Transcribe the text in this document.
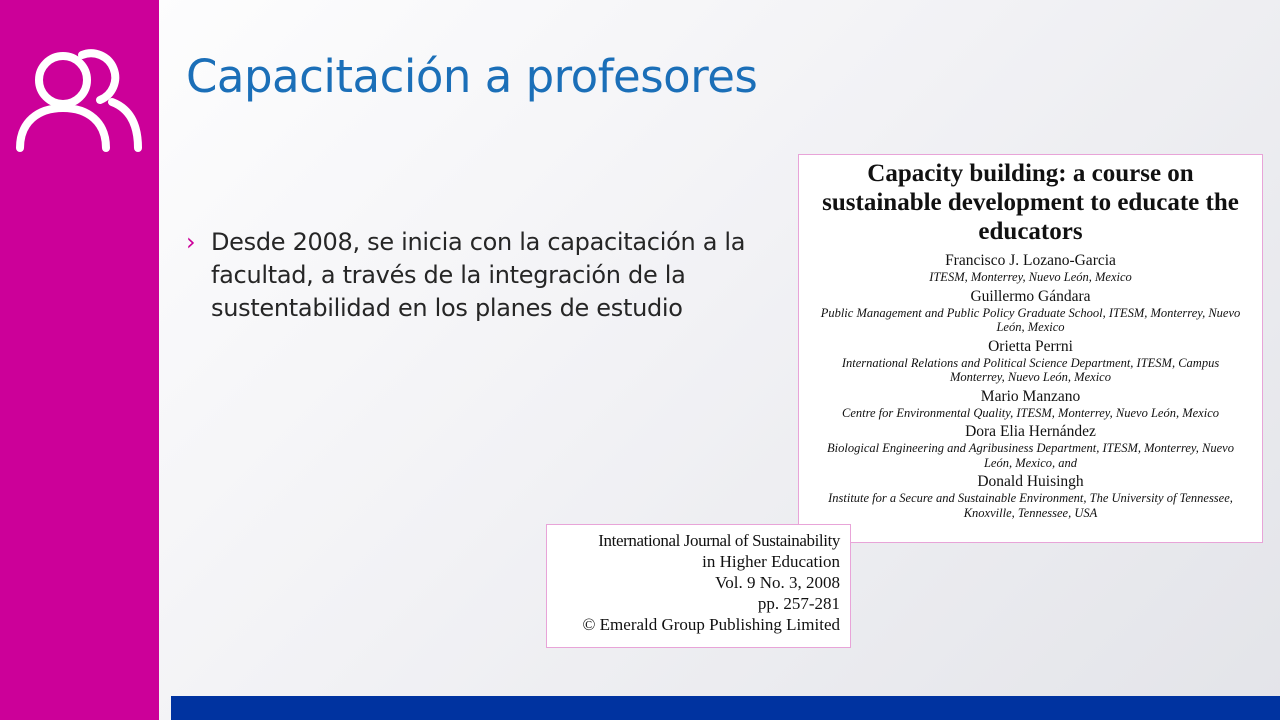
Capacitación a profesores
› Desde 2008, se inicia con la capacitación a la facultad, a través de la integración de la sustentabilidad en los planes de estudio
Capacity building: a course on sustainable development to educate the educators
Francisco J. Lozano-Garcia
ITESM, Monterrey, Nuevo León, Mexico
Guillermo Gándara
Public Management and Public Policy Graduate School, ITESM, Monterrey, Nuevo León, Mexico
Orietta Perrni
International Relations and Political Science Department, ITESM, Campus Monterrey, Nuevo León, Mexico
Mario Manzano
Centre for Environmental Quality, ITESM, Monterrey, Nuevo León, Mexico
Dora Elia Hernández
Biological Engineering and Agribusiness Department, ITESM, Monterrey, Nuevo León, Mexico, and
Donald Huisingh
Institute for a Secure and Sustainable Environment, The University of Tennessee, Knoxville, Tennessee, USA
International Journal of Sustainability
in Higher Education
Vol. 9 No. 3, 2008
pp. 257-281
© Emerald Group Publishing Limited
